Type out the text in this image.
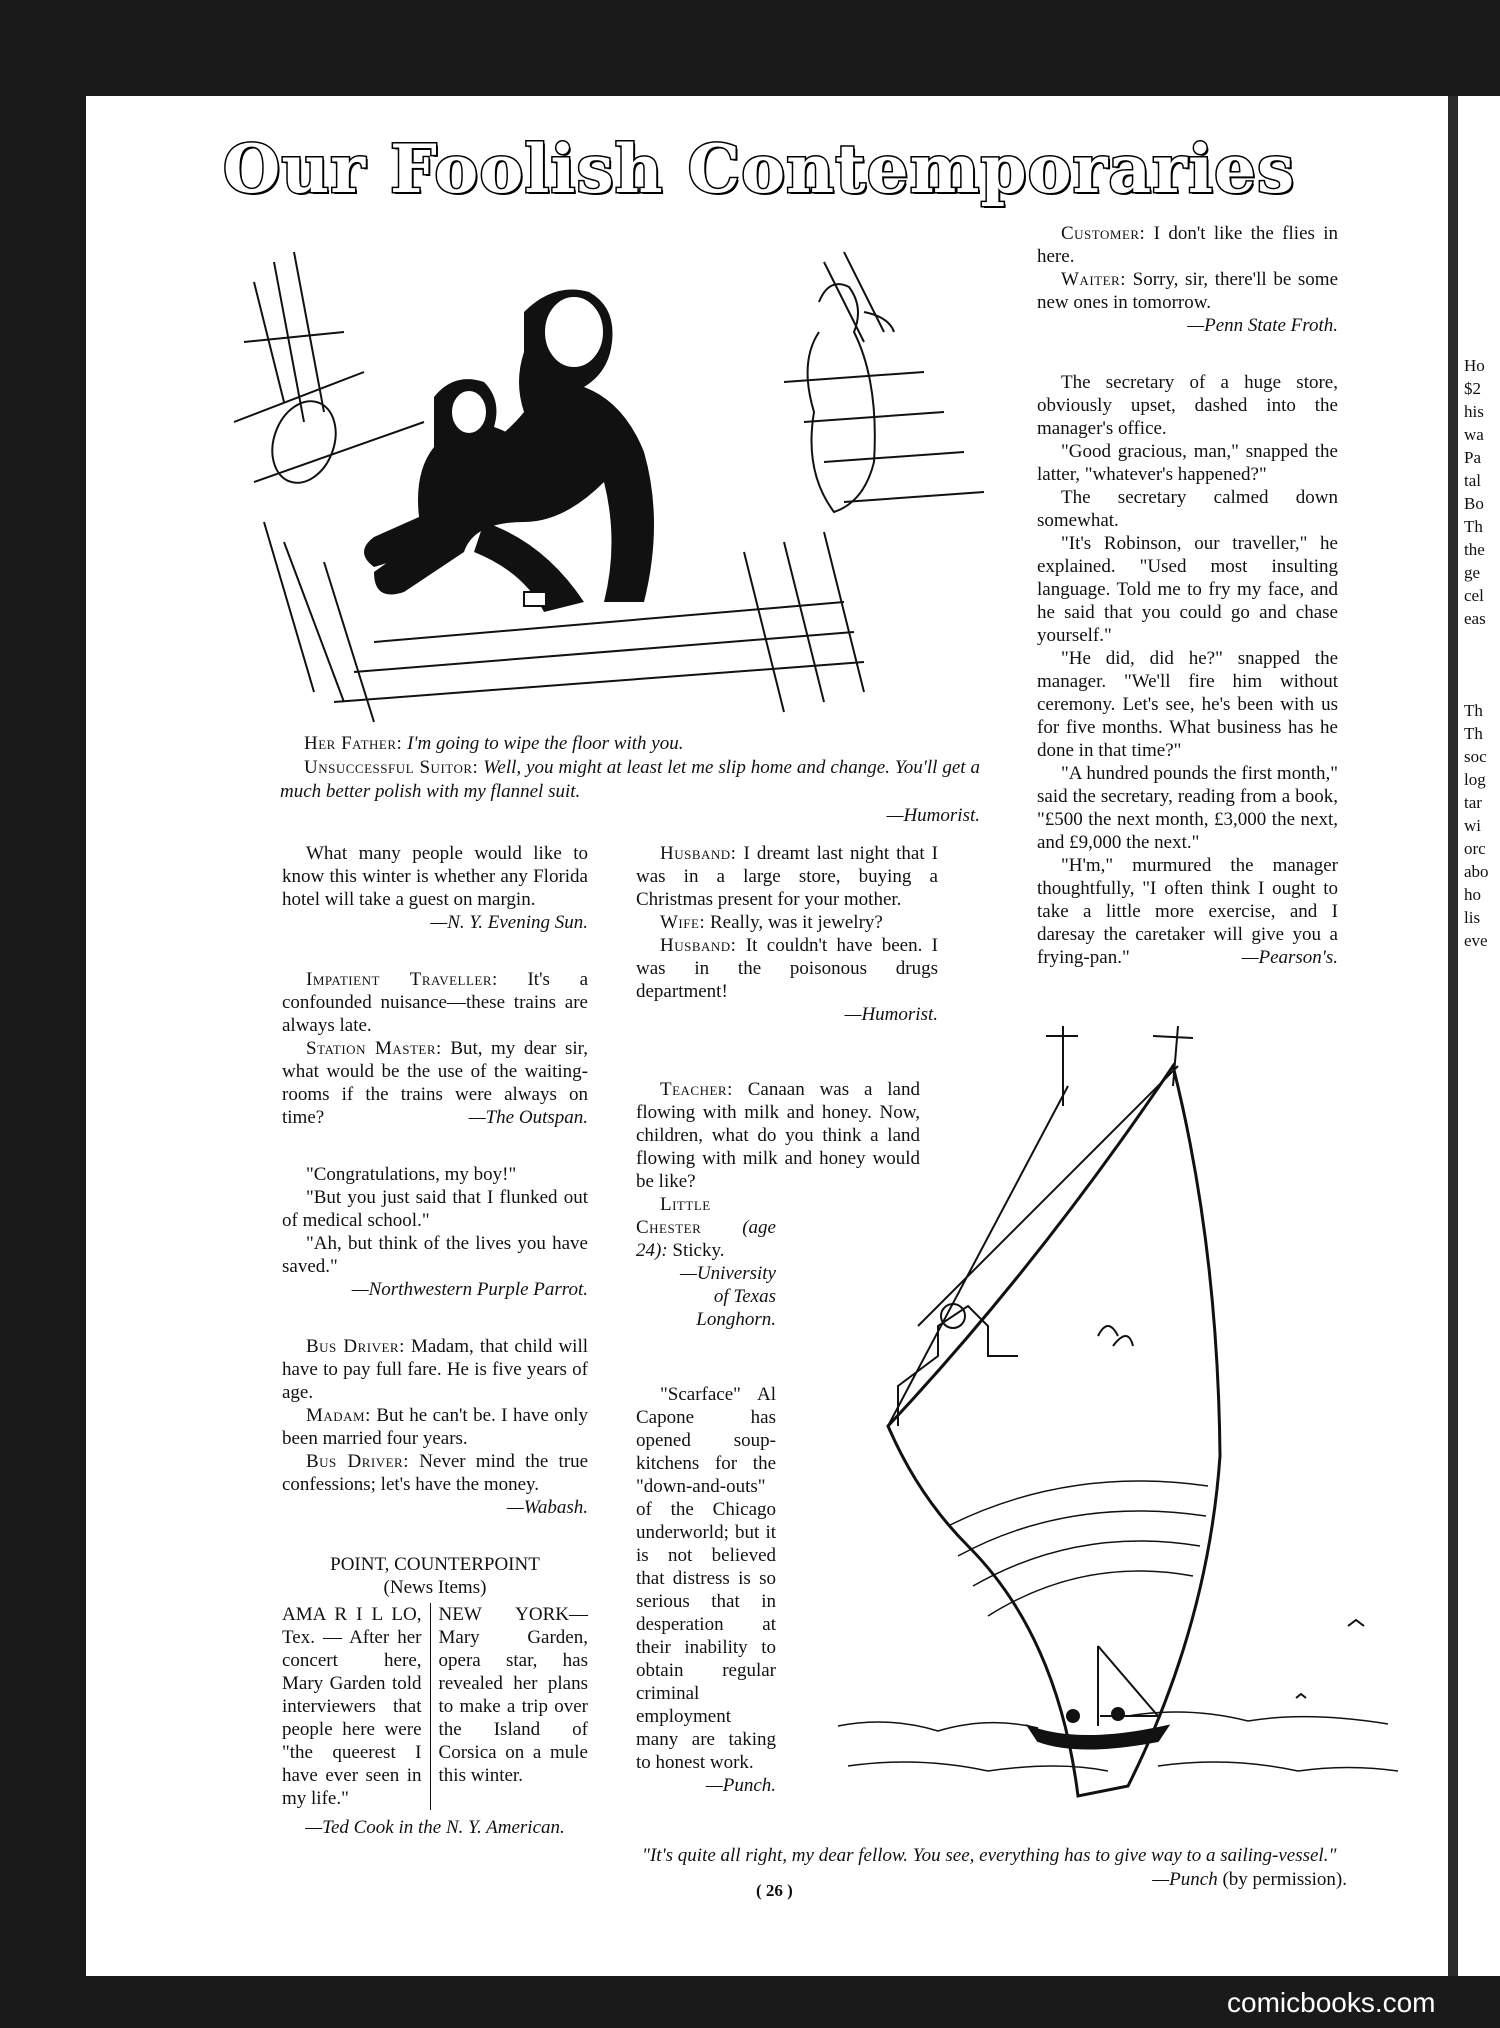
Ho
$2
his
wa
Pa
tal
Bo
Th
the
ge
cel
eas
Th
Th
soc
log
tar
wi
orc
abo
ho
lis
eve
Our Foolish Contemporaries
Her Father: I'm going to wipe the floor with you.
Unsuccessful Suitor: Well, you might at least let me slip home and change. You'll get a much better polish with my flannel suit.
—Humorist.

What many people would like to know this winter is whether any Florida hotel will take a guest on margin.

—N. Y. Evening Sun.

Impatient Traveller: It's a confounded nuisance—these trains are always late.

Station Master: But, my dear sir, what would be the use of the waiting-rooms if the trains were always on time?	—The Outspan.

"Congratulations, my boy!"

"But you just said that I flunked out of medical school."

"Ah, but think of the lives you have saved."

—Northwestern Purple Parrot.

Bus Driver: Madam, that child will have to pay full fare. He is five years of age.

Madam: But he can't be. I have only been married four years.

Bus Driver: Never mind the true confessions; let's have the money.

—Wabash.
POINT, COUNTERPOINT
(News Items)
AMA R I L LO, Tex. — After her concert here, Mary Garden told interviewers that people here were "the queerest I have ever seen in my life."
NEW YORK— Mary Garden, opera star, has revealed her plans to make a trip over the Island of Corsica on a mule this winter.
—Ted Cook in the N. Y. American.

Husband: I dreamt last night that I was in a large store, buying a Christmas present for your mother.

Wife: Really, was it jewelry?

Husband: It couldn't have been. I was in the poisonous drugs department!

—Humorist.

Teacher: Canaan was a land flowing with milk and honey. Now, children, what do you think a land flowing with milk and honey would be like?

Little Chester (age 24): Sticky.

—University
of Texas
Longhorn.

"Scarface" Al Capone has opened soup-kitchens for the "down-and-outs" of the Chicago underworld; but it is not believed that distress is so serious that in desperation at their inability to obtain regular criminal employment many are taking to honest work.

—Punch.

Customer: I don't like the flies in here.

Waiter: Sorry, sir, there'll be some new ones in tomorrow.

—Penn State Froth.

The secretary of a huge store, obviously upset, dashed into the manager's office.

"Good gracious, man," snapped the latter, "whatever's happened?"

The secretary calmed down somewhat.

"It's Robinson, our traveller," he explained. "Used most insulting language. Told me to fry my face, and he said that you could go and chase yourself."

"He did, did he?" snapped the manager. "We'll fire him without ceremony. Let's see, he's been with us for five months. What business has he done in that time?"

"A hundred pounds the first month," said the secretary, reading from a book, "£500 the next month, £3,000 the next, and £9,000 the next."

"H'm," murmured the manager thoughtfully, "I often think I ought to take a little more exercise, and I daresay the caretaker will give you a frying-pan."	—Pearson's.
"It's quite all right, my dear fellow. You see, everything has to give way to a sailing-vessel."
—Punch (by permission).
( 26 )
comicbooks.com
